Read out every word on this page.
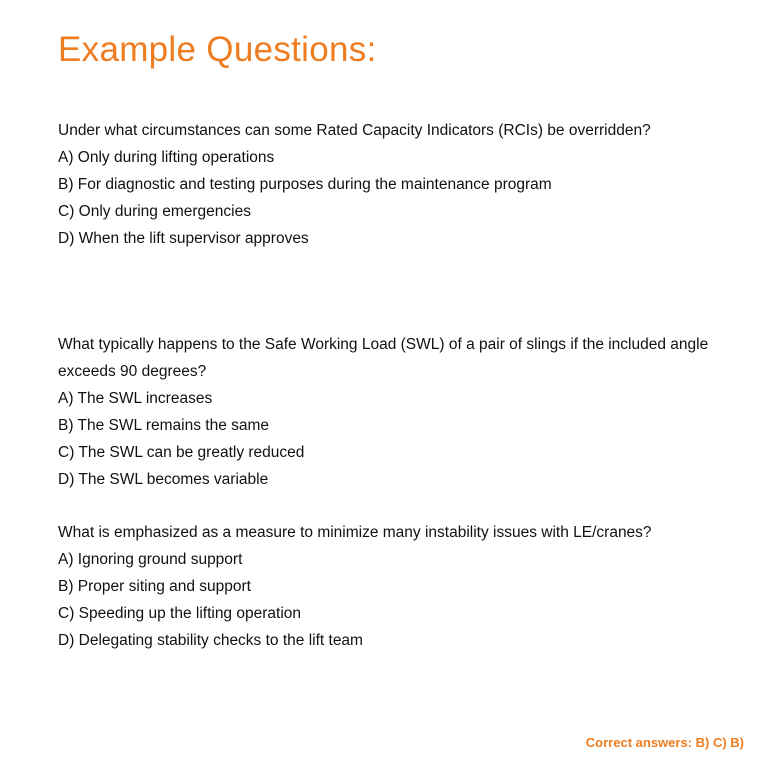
Example Questions:

Under what circumstances can some Rated Capacity Indicators (RCIs) be overridden?

A) Only during lifting operations
B) For diagnostic and testing purposes during the maintenance program
C) Only during emergencies
D) When the lift supervisor approves

What typically happens to the Safe Working Load (SWL) of a pair of slings if the included angle exceeds 90 degrees?

A) The SWL increases
B) The SWL remains the same
C) The SWL can be greatly reduced
D) The SWL becomes variable

What is emphasized as a measure to minimize many instability issues with LE/cranes?

A) Ignoring ground support
B) Proper siting and support
C) Speeding up the lifting operation
D) Delegating stability checks to the lift team
Correct answers: B) C) B)
